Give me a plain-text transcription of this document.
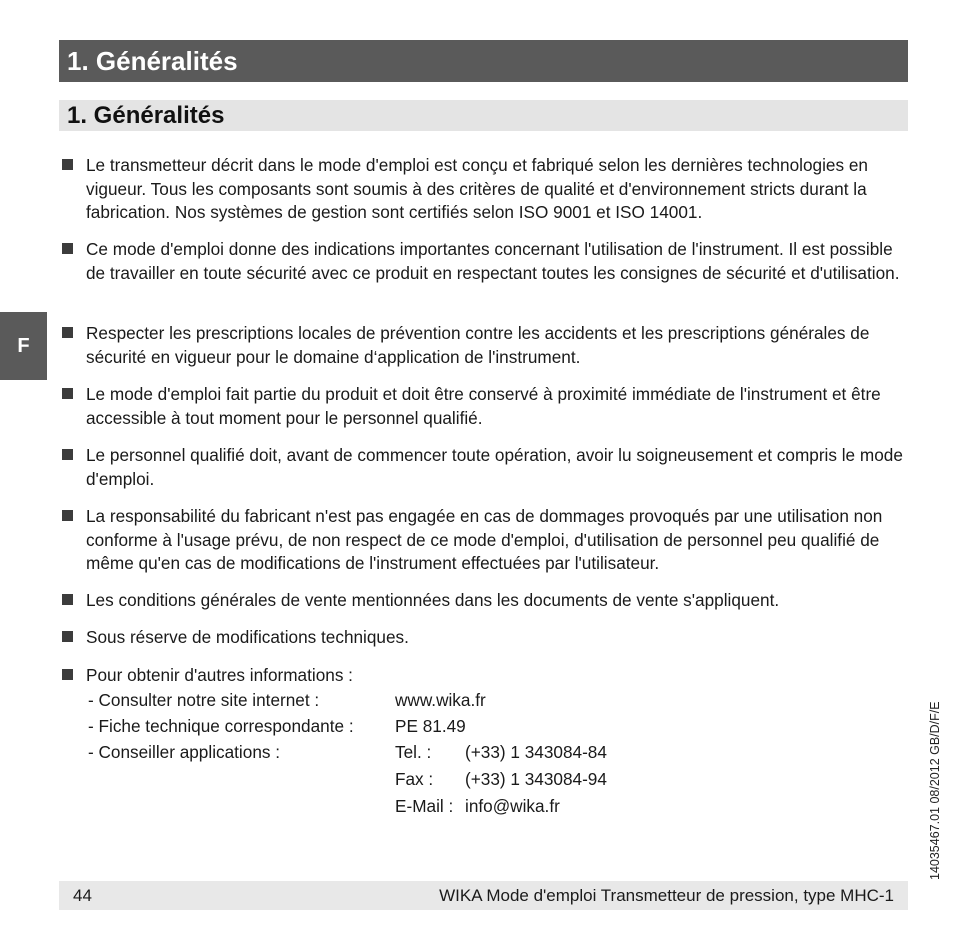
1. Généralités
1. Généralités
F
Le transmetteur décrit dans le mode d'emploi est conçu et fabriqué selon les dernières technologies en vigueur. Tous les composants sont soumis à des critères de qualité et d'environnement stricts durant la fabrication. Nos systèmes de gestion sont certifiés selon ISO 9001 et ISO 14001.
Ce mode d'emploi donne des indications importantes concernant l'utilisation de l'instrument. Il est possible de travailler en toute sécurité avec ce produit en respectant toutes les consignes de sécurité et d'utilisation.
Respecter les prescriptions locales de prévention contre les accidents et les prescriptions générales de sécurité en vigueur pour le domaine d‘application de l'instrument.
Le mode d'emploi fait partie du produit et doit être conservé à proximité immédiate de l'instrument et être accessible à tout moment pour le personnel qualifié.
Le personnel qualifié doit, avant de commencer toute opération, avoir lu soigneusement et compris le mode d'emploi.
La responsabilité du fabricant n'est pas engagée en cas de dommages provoqués par une utilisation non conforme à l'usage prévu, de non respect de ce mode d'emploi, d'utilisation de personnel peu qualifié de même qu'en cas de modifications de l'instrument effectuées par l'utilisateur.
Les conditions générales de vente mentionnées dans les documents de vente s'appliquent.
Sous réserve de modifications techniques.
Pour obtenir d'autres informations :
- Consulter notre site internet :	www.wika.fr
- Fiche technique correspondante : PE 81.49
- Conseiller applications :	Tel. : (+33) 1 343084-84
Fax : (+33) 1 343084-94
E-Mail : info@wika.fr
44	WIKA Mode d'emploi Transmetteur de pression, type MHC-1
14035467.01 08/2012 GB/D/F/E
